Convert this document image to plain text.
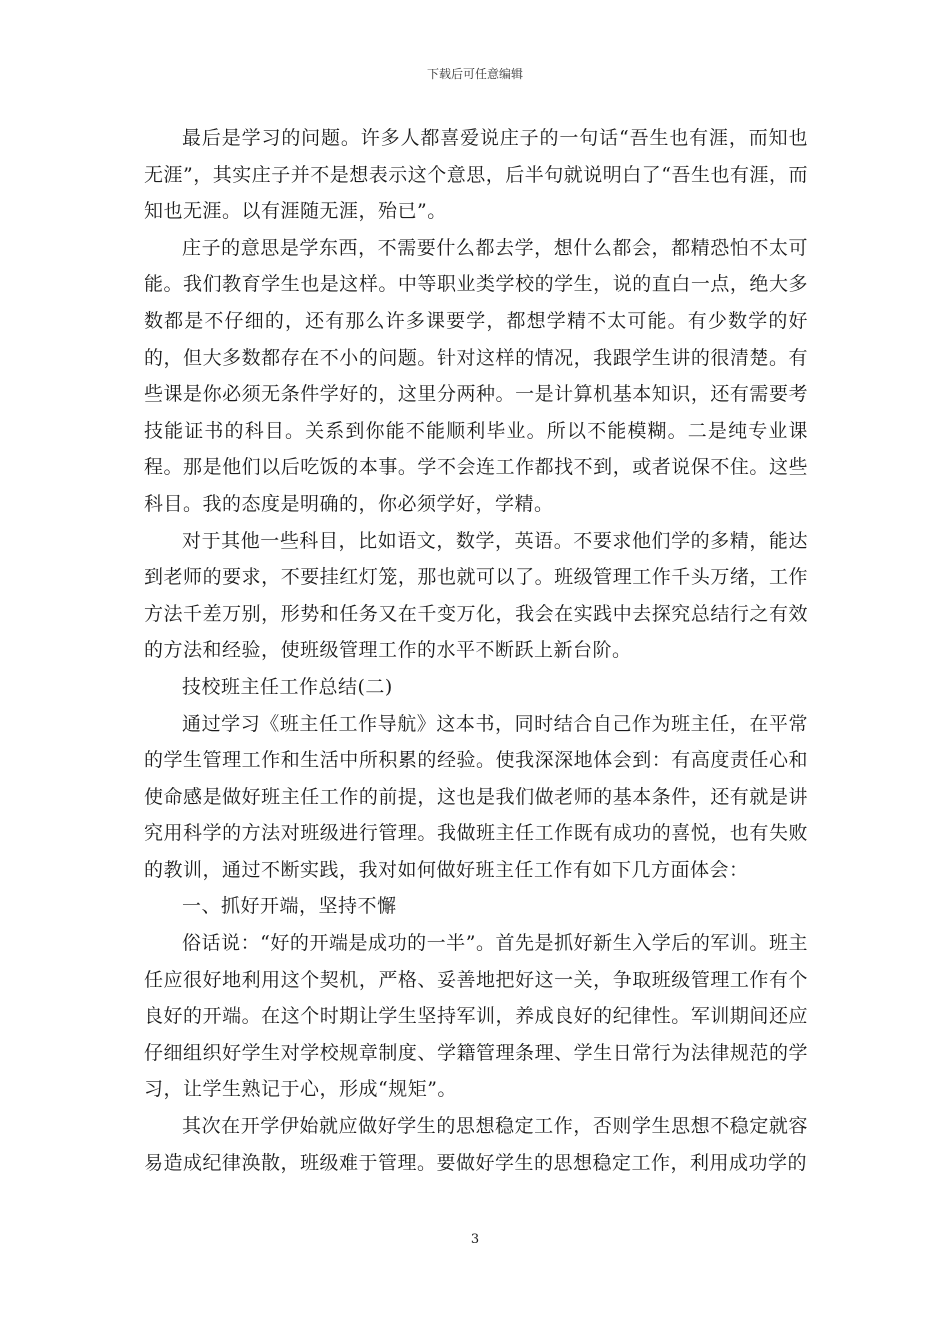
下载后可任意编辑

最后是学习的问题。许多人都喜爱说庄子的一句话“吾生也有涯，而知也无涯”，其实庄子并不是想表示这个意思，后半句就说明白了“吾生也有涯，而知也无涯。以有涯随无涯，殆已”。

庄子的意思是学东西，不需要什么都去学，想什么都会，都精恐怕不太可能。我们教育学生也是这样。中等职业类学校的学生，说的直白一点，绝大多数都是不仔细的，还有那么许多课要学，都想学精不太可能。有少数学的好的，但大多数都存在不小的问题。针对这样的情况，我跟学生讲的很清楚。有些课是你必须无条件学好的，这里分两种。一是计算机基本知识，还有需要考技能证书的科目。关系到你能不能顺利毕业。所以不能模糊。二是纯专业课程。那是他们以后吃饭的本事。学不会连工作都找不到，或者说保不住。这些科目。我的态度是明确的，你必须学好，学精。

对于其他一些科目，比如语文，数学，英语。不要求他们学的多精，能达到老师的要求，不要挂红灯笼，那也就可以了。班级管理工作千头万绪，工作方法千差万别，形势和任务又在千变万化，我会在实践中去探究总结行之有效的方法和经验，使班级管理工作的水平不断跃上新台阶。

技校班主任工作总结(二)

通过学习《班主任工作导航》这本书，同时结合自己作为班主任，在平常的学生管理工作和生活中所积累的经验。使我深深地体会到：有高度责任心和使命感是做好班主任工作的前提，这也是我们做老师的基本条件，还有就是讲究用科学的方法对班级进行管理。我做班主任工作既有成功的喜悦，也有失败的教训，通过不断实践，我对如何做好班主任工作有如下几方面体会：

一、抓好开端，坚持不懈

俗话说：“好的开端是成功的一半”。首先是抓好新生入学后的军训。班主任应很好地利用这个契机，严格、妥善地把好这一关，争取班级管理工作有个良好的开端。在这个时期让学生坚持军训，养成良好的纪律性。军训期间还应仔细组织好学生对学校规章制度、学籍管理条理、学生日常行为法律规范的学习，让学生熟记于心，形成“规矩”。

其次在开学伊始就应做好学生的思想稳定工作，否则学生思想不稳定就容易造成纪律涣散，班级难于管理。要做好学生的思想稳定工作，利用成功学的

3
